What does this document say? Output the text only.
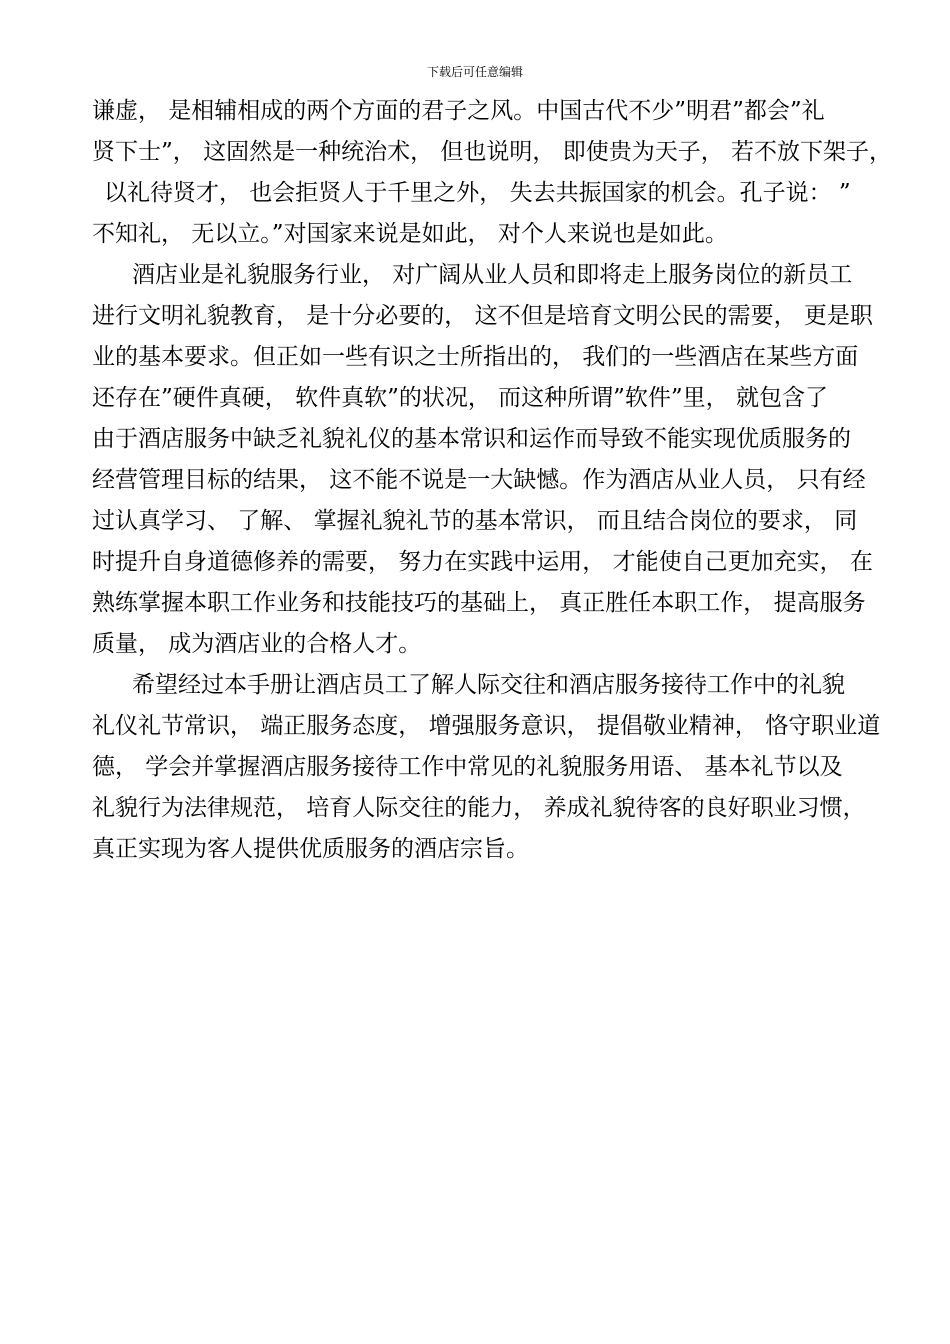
下载后可任意编辑
谦虚， 是相辅相成的两个方面的君子之风。中国古代不少”明君”都会”礼
贤下士”， 这固然是一种统治术， 但也说明， 即使贵为天子， 若不放下架子，
以礼待贤才， 也会拒贤人于千里之外， 失去共振国家的机会。孔子说： ”
不知礼， 无以立。”对国家来说是如此， 对个人来说也是如此。
酒店业是礼貌服务行业， 对广阔从业人员和即将走上服务岗位的新员工
进行文明礼貌教育， 是十分必要的， 这不但是培育文明公民的需要， 更是职
业的基本要求。但正如一些有识之士所指出的， 我们的一些酒店在某些方面
还存在”硬件真硬， 软件真软”的状况， 而这种所谓”软件”里， 就包含了
由于酒店服务中缺乏礼貌礼仪的基本常识和运作而导致不能实现优质服务的
经营管理目标的结果， 这不能不说是一大缺憾。作为酒店从业人员， 只有经
过认真学习、 了解、 掌握礼貌礼节的基本常识， 而且结合岗位的要求， 同
时提升自身道德修养的需要， 努力在实践中运用， 才能使自己更加充实， 在
熟练掌握本职工作业务和技能技巧的基础上， 真正胜任本职工作， 提高服务
质量， 成为酒店业的合格人才。
希望经过本手册让酒店员工了解人际交往和酒店服务接待工作中的礼貌
礼仪礼节常识， 端正服务态度， 增强服务意识， 提倡敬业精神， 恪守职业道
德， 学会并掌握酒店服务接待工作中常见的礼貌服务用语、 基本礼节以及
礼貌行为法律规范， 培育人际交往的能力， 养成礼貌待客的良好职业习惯，
真正实现为客人提供优质服务的酒店宗旨。
